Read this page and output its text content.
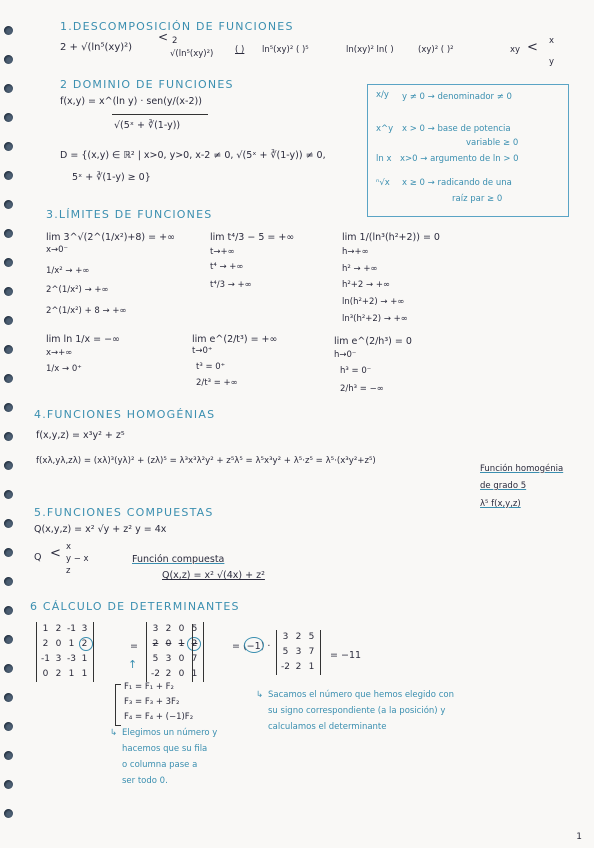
1.DESCOMPOSICIÓN DE FUNCIONES
2 + √(ln⁵(xy)²)
< 2
√(ln⁵(xy)²)	( ) ln⁵(xy)² ( )⁵	ln(xy)² ln( )	(xy)² ( )²	xy < x
y
2 DOMINIO DE FUNCIONES
f(x,y) = x^(ln y) · sen(y/(x-2))
√(5ˣ + ∛(1-y))
D = {(x,y) ∈ ℝ² | x>0, y>0, x-2 ≠ 0, √(5ˣ + ∛(1-y)) ≠ 0,
5ˣ + ∛(1-y) ≥ 0}
x/y y ≠ 0 → denominador ≠ 0
x^y x > 0 → base de potencia
variable ≥ 0
ln x x>0 → argumento de ln > 0
ⁿ√x x ≥ 0 → radicando de una
raíz par ≥ 0
3.LÍMITES DE FUNCIONES
lim 3^√(2^(1/x²)+8) = +∞
x→0⁻
1/x² → +∞
2^(1/x²) → +∞
2^(1/x²) + 8 → +∞
lim t⁴/3 − 5 = +∞
t→+∞
t⁴ → +∞
t⁴/3 → +∞
lim 1/(ln³(h²+2)) = 0
h→+∞
h² → +∞
h²+2 → +∞
ln(h²+2) → +∞
ln³(h²+2) → +∞
lim ln 1/x = −∞
x→+∞
1/x → 0⁺
lim e^(2/t³) = +∞
t→0⁺
t³ = 0⁺
2/t³ = +∞
lim e^(2/h³) = 0
h→0⁻
h³ = 0⁻
2/h³ = −∞
4.FUNCIONES HOMOGÉNIAS
f(x,y,z) = x³y² + z⁵
f(xλ,yλ,zλ) = (xλ)³(yλ)² + (zλ)⁵ = λ³x³λ²y² + z⁵λ⁵ = λ⁵x³y² + λ⁵·z⁵ = λ⁵·(x³y²+z⁵)
Función homogénia
de grado 5
λ⁵ f(x,y,z)
5.FUNCIONES COMPUESTAS
Q(x,y,z) = x² √y + z² y = 4x
Q < x
y − x
z
Función compuesta
Q(x,z) = x² √(4x) + z²
6 CÁLCULO DE DETERMINANTES
1 2 -1 3
2 0 1 2
-1 3 -3 1
0 2 1 1
=
↑
3 2 0 5
2 0 1 2
5 3 0 7
-2 2 0 1
= (−1) ·
3 2 5
5 3 7
-2 2 1
= −11
F₁ = F₁ + F₂
F₃ = F₃ + 3F₂
F₄ = F₄ + (−1)F₂
↳ Elegimos un número y
hacemos que su fila
o columna pase a
ser todo 0.
↳ Sacamos el número que hemos elegido con
su signo correspondiente (a la posición) y
calculamos el determinante
1
